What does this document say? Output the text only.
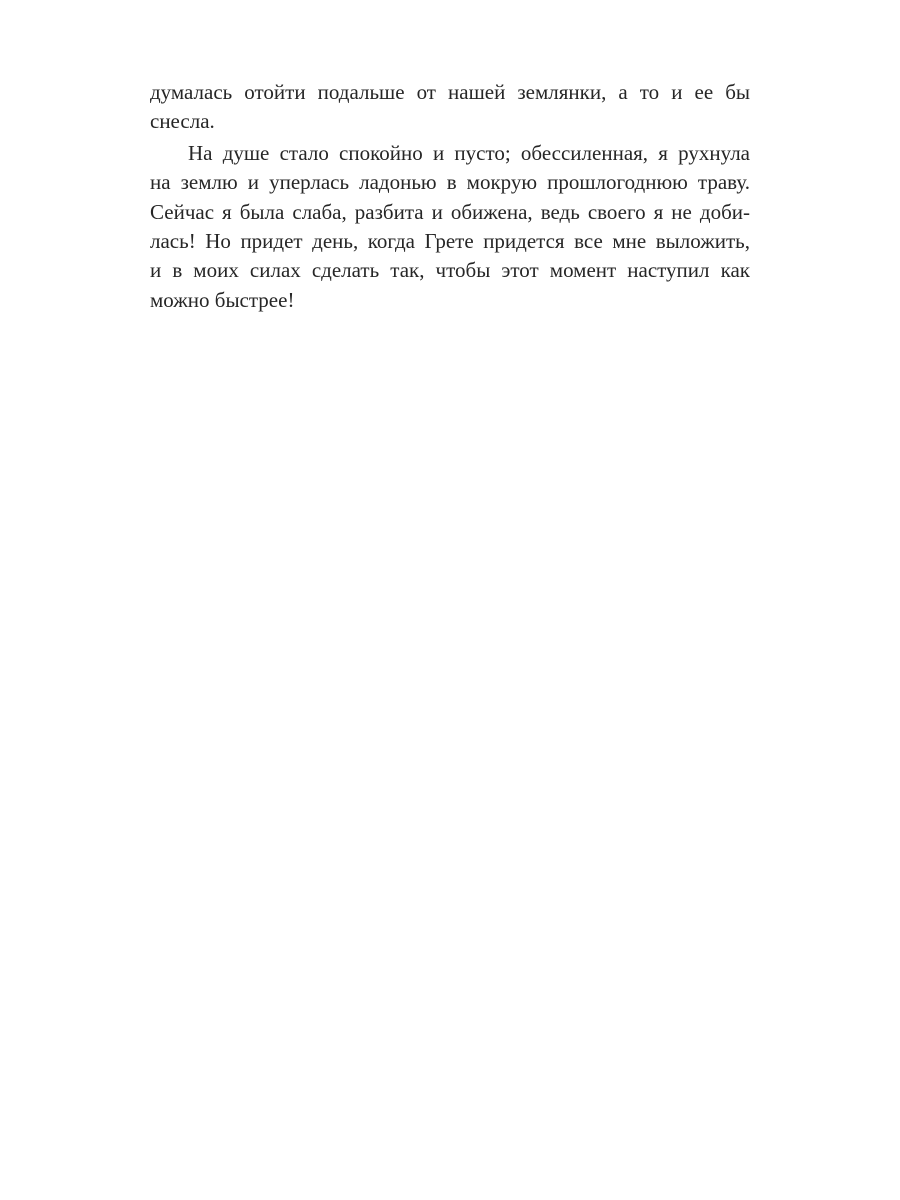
думалась отойти подальше от нашей землянки, а то и ее бы
снесла.
На душе стало спокойно и пусто; обессиленная, я рухнула
на землю и уперлась ладонью в мокрую прошлогоднюю траву.
Сейчас я была слаба, разбита и обижена, ведь своего я не доби-
лась! Но придет день, когда Грете придется все мне выложить,
и в моих силах сделать так, чтобы этот момент наступил как
можно быстрее!
